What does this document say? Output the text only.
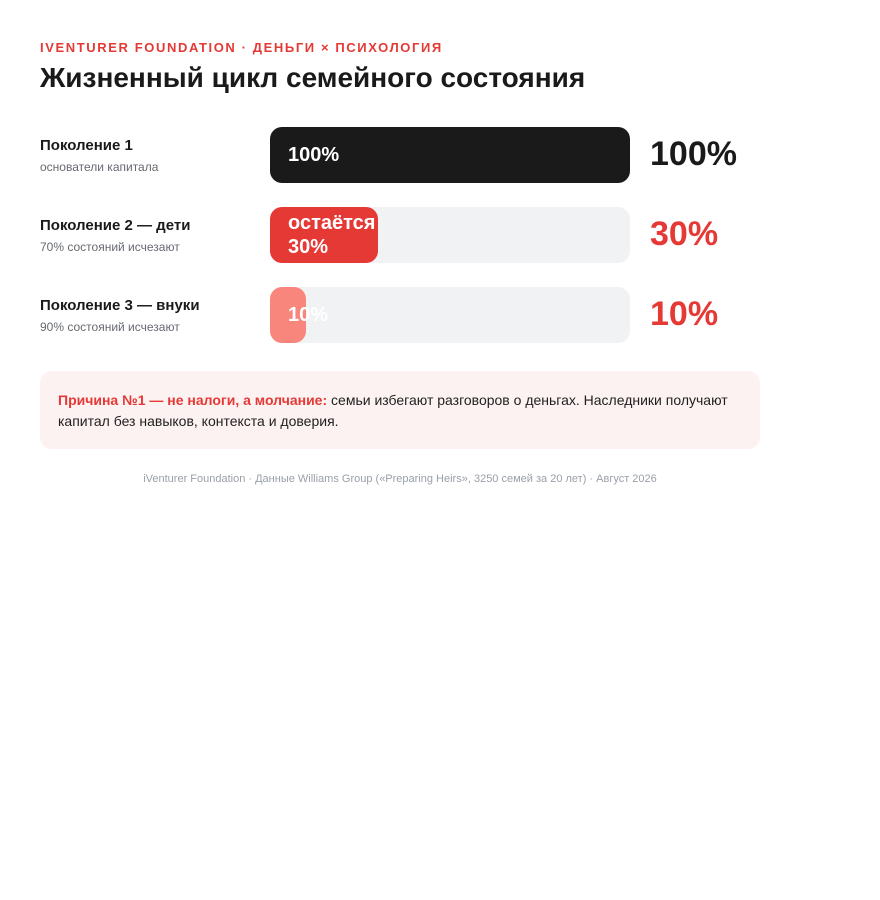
IVENTURER FOUNDATION · ДЕНЬГИ × ПСИХОЛОГИЯ
Жизненный цикл семейного состояния
Поколение 1
основатели капитала
100%	100%
Поколение 2 — дети
70% состояний исчезают
остаётся
30%	30%
Поколение 3 — внуки
90% состояний исчезают
10%	10%
Причина №1 — не налоги, а молчание: семьи избегают разговоров о деньгах. Наследники получают капитал без навыков, контекста и доверия.
iVenturer Foundation · Данные Williams Group («Preparing Heirs», 3250 семей за 20 лет) · Август 2026
